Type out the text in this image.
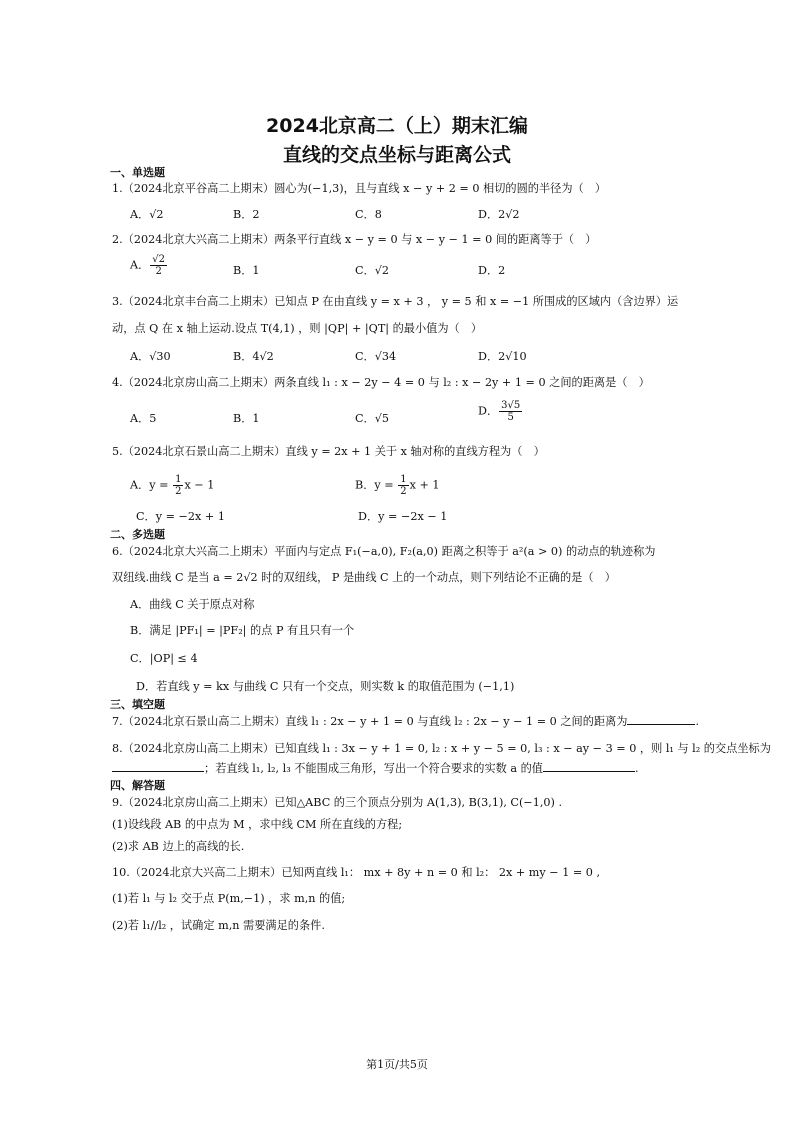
2024北京高二（上）期末汇编
直线的交点坐标与距离公式
一、单选题
1.（2024北京平谷高二上期末）圆心为(−1,3)，且与直线 x − y + 2 = 0 相切的圆的半径为（　）
A．√2	B．2	C．8	D．2√2
2.（2024北京大兴高二上期末）两条平行直线 x − y = 0 与 x − y − 1 = 0 间的距离等于（　）
A． $\frac{√2}{2}$	B．1	C．√2	D．2
3.（2024北京丰台高二上期末）已知点 P 在由直线 y = x + 3 ， y = 5 和 x = −1 所围成的区域内（含边界）运
动，点 Q 在 x 轴上运动.设点 T(4,1) ，则 |QP| + |QT| 的最小值为（　）
A．√30	B．4√2	C．√34	D．2√10
4.（2024北京房山高二上期末）两条直线 l₁ : x − 2y − 4 = 0 与 l₂ : x − 2y + 1 = 0 之间的距离是（　）
A．5	B．1	C．√5
D． $\frac{3√5}{5}$
5.（2024北京石景山高二上期末）直线 y = 2x + 1 关于 x 轴对称的直线方程为（　）
A．$y = \frac{1}{2}$ x − 1	B．$y = \frac{1}{2}$ x + 1
C．y = −2x + 1	D．y = −2x − 1
二、多选题
6.（2024北京大兴高二上期末）平面内与定点 F₁(−a,0), F₂(a,0) 距离之积等于 a²(a > 0) 的动点的轨迹称为
双纽线.曲线 C 是当 a = 2√2 时的双纽线， P 是曲线 C 上的一个动点，则下列结论不正确的是（　）
A．曲线 C 关于原点对称
B．满足 |PF₁| = |PF₂| 的点 P 有且只有一个
C．|OP| ≤ 4
D．若直线 y = kx 与曲线 C 只有一个交点，则实数 k 的取值范围为 (−1,1)
三、填空题
7.（2024北京石景山高二上期末）直线 l₁ : 2x − y + 1 = 0 与直线 l₂ : 2x − y − 1 = 0 之间的距离为	.
8.（2024北京房山高二上期末）已知直线 l₁ : 3x − y + 1 = 0, l₂ : x + y − 5 = 0, l₃ : x − ay − 3 = 0 ，则 l₁ 与 l₂ 的交点坐标为
；若直线 l₁, l₂, l₃ 不能围成三角形，写出一个符合要求的实数 a 的值	.
四、解答题
9.（2024北京房山高二上期末）已知△ABC 的三个顶点分别为 A(1,3), B(3,1), C(−1,0) .
(1)设线段 AB 的中点为 M ，求中线 CM 所在直线的方程;
(2)求 AB 边上的高线的长.
10.（2024北京大兴高二上期末）已知两直线 l₁： mx + 8y + n = 0 和 l₂： 2x + my − 1 = 0 ,
(1)若 l₁ 与 l₂ 交于点 P(m,−1) ，求 m,n 的值;
(2)若 l₁//l₂ ，试确定 m,n 需要满足的条件.
第1页/共5页
